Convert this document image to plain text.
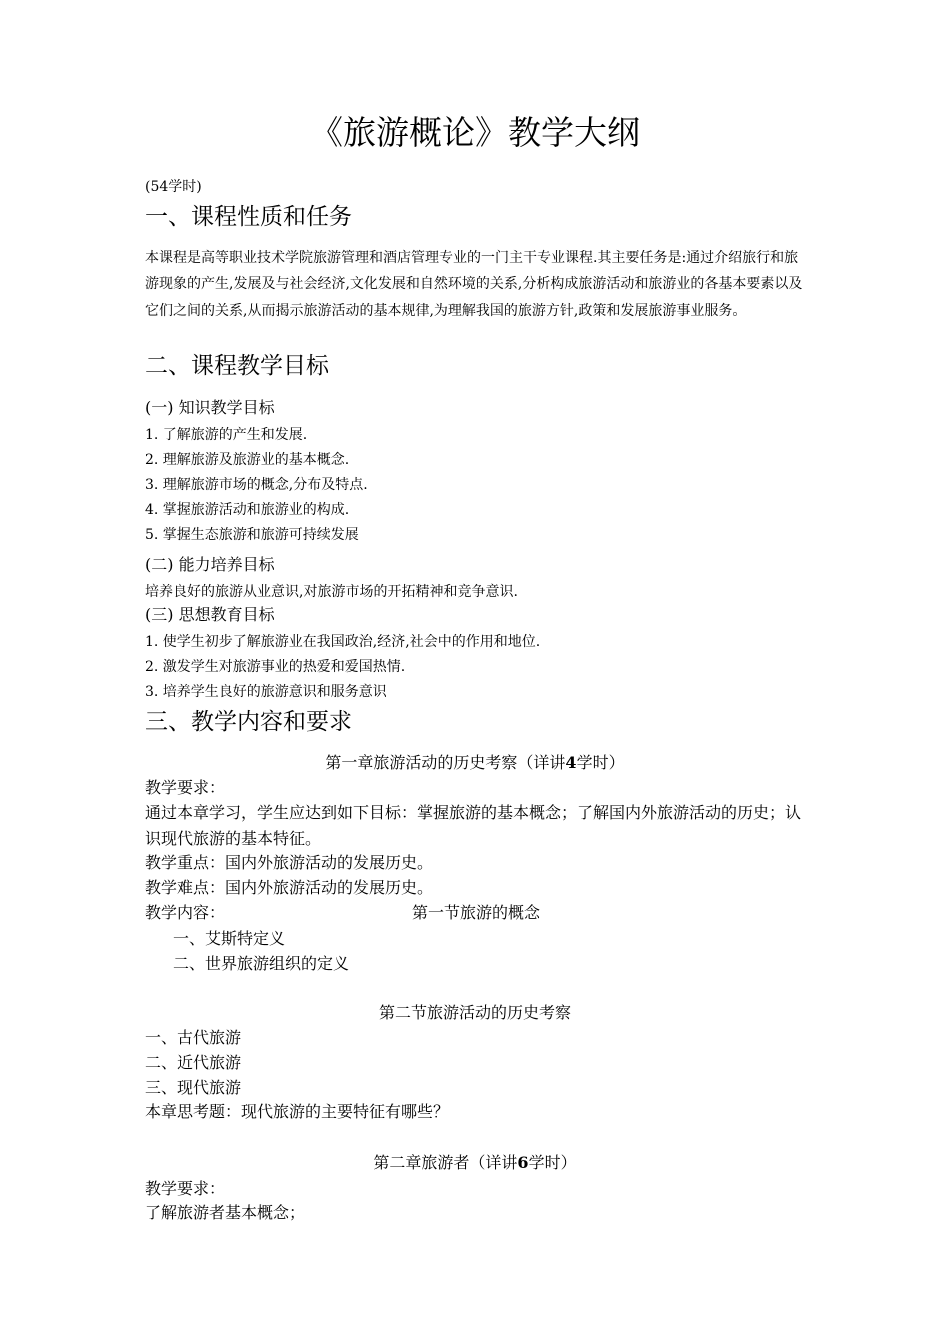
《旅游概论》教学大纲
(54学时)
一、课程性质和任务
本课程是高等职业技术学院旅游管理和酒店管理专业的一门主干专业课程.其主要任务是:通过介绍旅行和旅游现象的产生,发展及与社会经济,文化发展和自然环境的关系,分析构成旅游活动和旅游业的各基本要素以及它们之间的关系,从而揭示旅游活动的基本规律,为理解我国的旅游方针,政策和发展旅游事业服务。
二、课程教学目标
(一) 知识教学目标
1. 了解旅游的产生和发展.
2. 理解旅游及旅游业的基本概念.
3. 理解旅游市场的概念,分布及特点.
4. 掌握旅游活动和旅游业的构成.
5. 掌握生态旅游和旅游可持续发展
(二) 能力培养目标
培养良好的旅游从业意识,对旅游市场的开拓精神和竞争意识.
(三) 思想教育目标
1. 使学生初步了解旅游业在我国政治,经济,社会中的作用和地位.
2. 激发学生对旅游事业的热爱和爱国热情.
3. 培养学生良好的旅游意识和服务意识
三、教学内容和要求
第一章旅游活动的历史考察（详讲4学时）
教学要求：
通过本章学习，学生应达到如下目标：掌握旅游的基本概念；了解国内外旅游活动的历史；认识现代旅游的基本特征。
教学重点：国内外旅游活动的发展历史。
教学难点：国内外旅游活动的发展历史。
教学内容：	第一节旅游的概念
一、艾斯特定义
二、世界旅游组织的定义
第二节旅游活动的历史考察
一、古代旅游
二、近代旅游
三、现代旅游
本章思考题：现代旅游的主要特征有哪些？
第二章旅游者（详讲6学时）
教学要求：
了解旅游者基本概念；
